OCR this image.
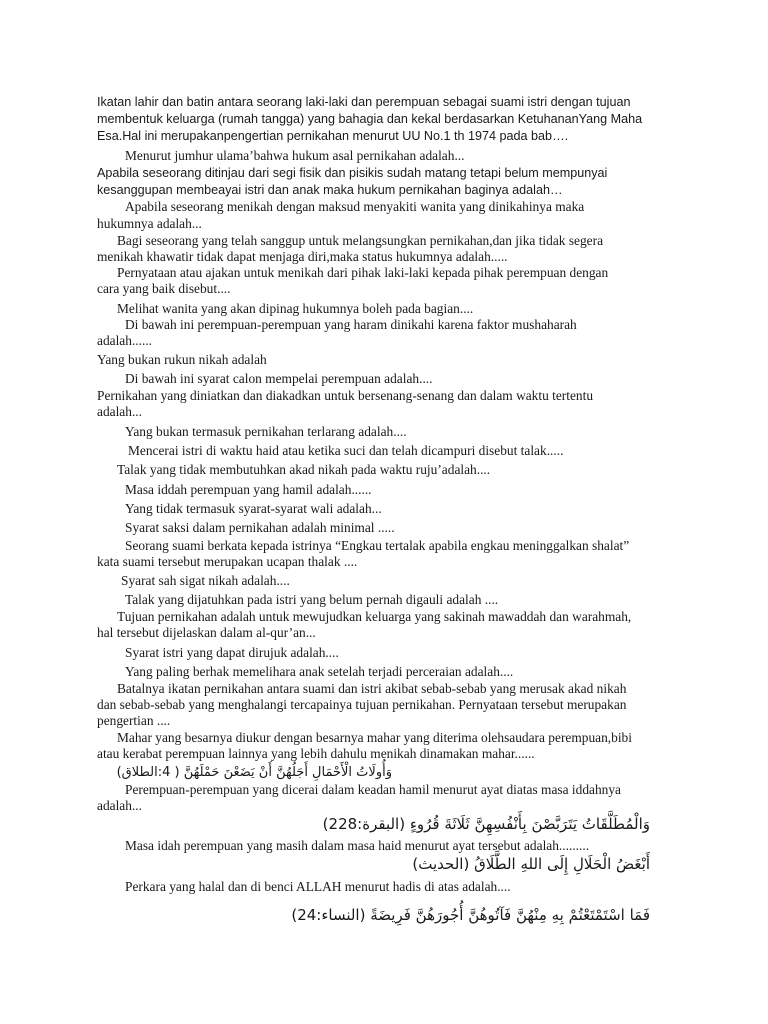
Ikatan lahir dan batin antara seorang laki-laki dan perempuan sebagai suami istri dengan tujuan
membentuk keluarga (rumah tangga) yang bahagia dan kekal berdasarkan KetuhananYang Maha
Esa.Hal ini merupakanpengertian pernikahan menurut UU No.1 th 1974 pada bab….
Menurut jumhur ulama’bahwa hukum asal pernikahan adalah...
Apabila seseorang ditinjau dari segi fisik dan pisikis sudah matang tetapi belum mempunyai
kesanggupan membeayai istri dan anak maka hukum pernikahan baginya adalah…
Apabila seseorang menikah dengan maksud menyakiti wanita yang dinikahinya maka
hukumnya adalah...
Bagi seseorang yang telah sanggup untuk melangsungkan pernikahan,dan jika tidak segera
menikah khawatir tidak dapat menjaga diri,maka status hukumnya adalah.....
Pernyataan atau ajakan untuk menikah dari pihak laki-laki kepada pihak perempuan dengan
cara yang baik disebut....
Melihat wanita yang akan dipinag hukumnya boleh pada bagian....
Di bawah ini perempuan-perempuan yang haram dinikahi karena faktor mushaharah
adalah......
Yang bukan rukun nikah adalah
Di bawah ini syarat calon mempelai perempuan adalah....
Pernikahan yang diniatkan dan diakadkan untuk bersenang-senang dan dalam waktu tertentu
adalah...
Yang bukan termasuk pernikahan terlarang adalah....
Mencerai istri di waktu haid atau ketika suci dan telah dicampuri disebut talak.....
Talak yang tidak membutuhkan akad nikah pada waktu ruju’adalah....
Masa iddah perempuan yang hamil adalah......
Yang tidak termasuk syarat-syarat wali adalah...
Syarat saksi dalam pernikahan adalah minimal .....
Seorang suami berkata kepada istrinya “Engkau tertalak apabila engkau meninggalkan shalat”
kata suami tersebut merupakan ucapan thalak ....
Syarat sah sigat nikah adalah....
Talak yang dijatuhkan pada istri yang belum pernah digauli adalah ....
Tujuan pernikahan adalah untuk mewujudkan keluarga yang sakinah mawaddah dan warahmah,
hal tersebut dijelaskan dalam al-qur’an...
Syarat istri yang dapat dirujuk adalah....
Yang paling berhak memelihara anak setelah terjadi perceraian adalah....
Batalnya ikatan pernikahan antara suami dan istri akibat sebab-sebab yang merusak akad nikah
dan sebab-sebab yang menghalangi tercapainya tujuan pernikahan. Pernyataan tersebut merupakan
pengertian ....
Mahar yang besarnya diukur dengan besarnya mahar yang diterima olehsaudara perempuan,bibi
atau kerabat perempuan lainnya yang lebih dahulu menikah dinamakan mahar......
وَأُولَاتُ الْأَحْمَالِ أَجَلُهُنَّ أَنْ يَضَعْنَ حَمْلَهُنَّ ( 4:الطلاق)
Perempuan-perempuan yang dicerai dalam keadan hamil menurut ayat diatas masa iddahnya
adalah...
وَالْمُطَلَّقَاتُ يَتَرَبَّصْنَ بِأَنْفُسِهِنَّ ثَلَاثَةَ قُرُوءٍ (البقرة:228)
Masa idah perempuan yang masih dalam masa haid menurut ayat tersebut adalah.........
أَبْغَضُ الْحَلَالِ إِلَى اللهِ الطَّلَاقُ (الحديث)
Perkara yang halal dan di benci ALLAH menurut hadis di atas adalah....
فَمَا اسْتَمْتَعْتُمْ بِهِ مِنْهُنَّ فَآتُوهُنَّ أُجُورَهُنَّ فَرِيضَةً (النساء:24)
